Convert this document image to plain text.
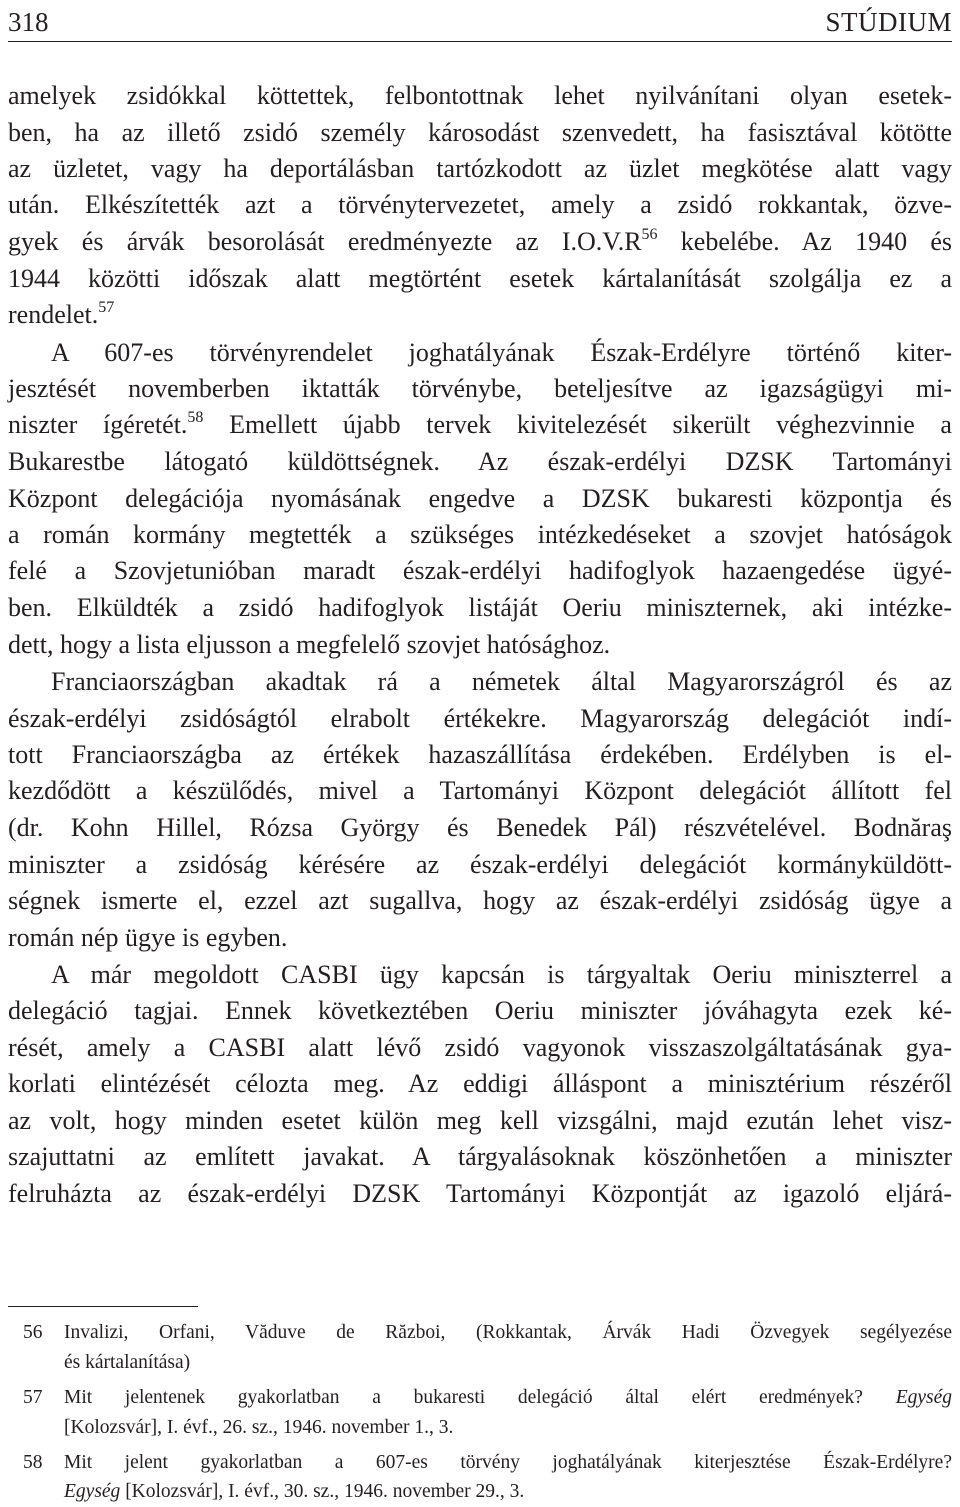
318	STÚDIUM
amelyek zsidókkal köttettek, felbontottnak lehet nyilvánítani olyan esetek-
ben, ha az illető zsidó személy károsodást szenvedett, ha fasisztával kötötte
az üzletet, vagy ha deportálásban tartózkodott az üzlet megkötése alatt vagy
után. Elkészítették azt a törvénytervezetet, amely a zsidó rokkantak, özve-
gyek és árvák besorolását eredményezte az $I.O.V.R^{56}$ kebelébe. Az 1940 és
1944 közötti időszak alatt megtörtént esetek kártalanítását szolgálja ez a
rendelet.$^{57}$
A 607-es törvényrendelet joghatályának Észak-Erdélyre történő kiter-
jesztését novemberben iktatták törvénybe, beteljesítve az igazságügyi mi-
niszter ígéretét.$^{58}$ Emellett újabb tervek kivitelezését sikerült véghezvinnie a
Bukarestbe látogató küldöttségnek. Az észak-erdélyi DZSK Tartományi
Központ delegációja nyomásának engedve a DZSK bukaresti központja és
a román kormány megtették a szükséges intézkedéseket a szovjet hatóságok
felé a Szovjetunióban maradt észak-erdélyi hadifoglyok hazaengedése ügyé-
ben. Elküldték a zsidó hadifoglyok listáját Oeriu miniszternek, aki intézke-
dett, hogy a lista eljusson a megfelelő szovjet hatósághoz.
Franciaországban akadtak rá a németek által Magyarországról és az
észak-erdélyi zsidóságtól elrabolt értékekre. Magyarország delegációt indí-
tott Franciaországba az értékek hazaszállítása érdekében. Erdélyben is el-
kezdődött a készülődés, mivel a Tartományi Központ delegációt állított fel
(dr. Kohn Hillel, Rózsa György és Benedek Pál) részvételével. Bodnăraş
miniszter a zsidóság kérésére az észak-erdélyi delegációt kormányküldött-
ségnek ismerte el, ezzel azt sugallva, hogy az észak-erdélyi zsidóság ügye a
román nép ügye is egyben.
A már megoldott CASBI ügy kapcsán is tárgyaltak Oeriu miniszterrel a
delegáció tagjai. Ennek következtében Oeriu miniszter jóváhagyta ezek ké-
rését, amely a CASBI alatt lévő zsidó vagyonok visszaszolgáltatásának gya-
korlati elintézését célozta meg. Az eddigi álláspont a minisztérium részéről
az volt, hogy minden esetet külön meg kell vizsgálni, majd ezután lehet visz-
szajuttatni az említett javakat. A tárgyalásoknak köszönhetően a miniszter
felruházta az észak-erdélyi DZSK Tartományi Központját az igazoló eljárá-
56 Invalizi, Orfani, Văduve de Război, (Rokkantak, Árvák Hadi Özvegyek segélyezése
és kártalanítása)
57 Mit jelentenek gyakorlatban a bukaresti delegáció által elért eredmények? Egység
[Kolozsvár], I. évf., 26. sz., 1946. november 1., 3.
58 Mit jelent gyakorlatban a 607-es törvény joghatályának kiterjesztése Észak-Erdélyre?
Egység [Kolozsvár], I. évf., 30. sz., 1946. november 29., 3.
